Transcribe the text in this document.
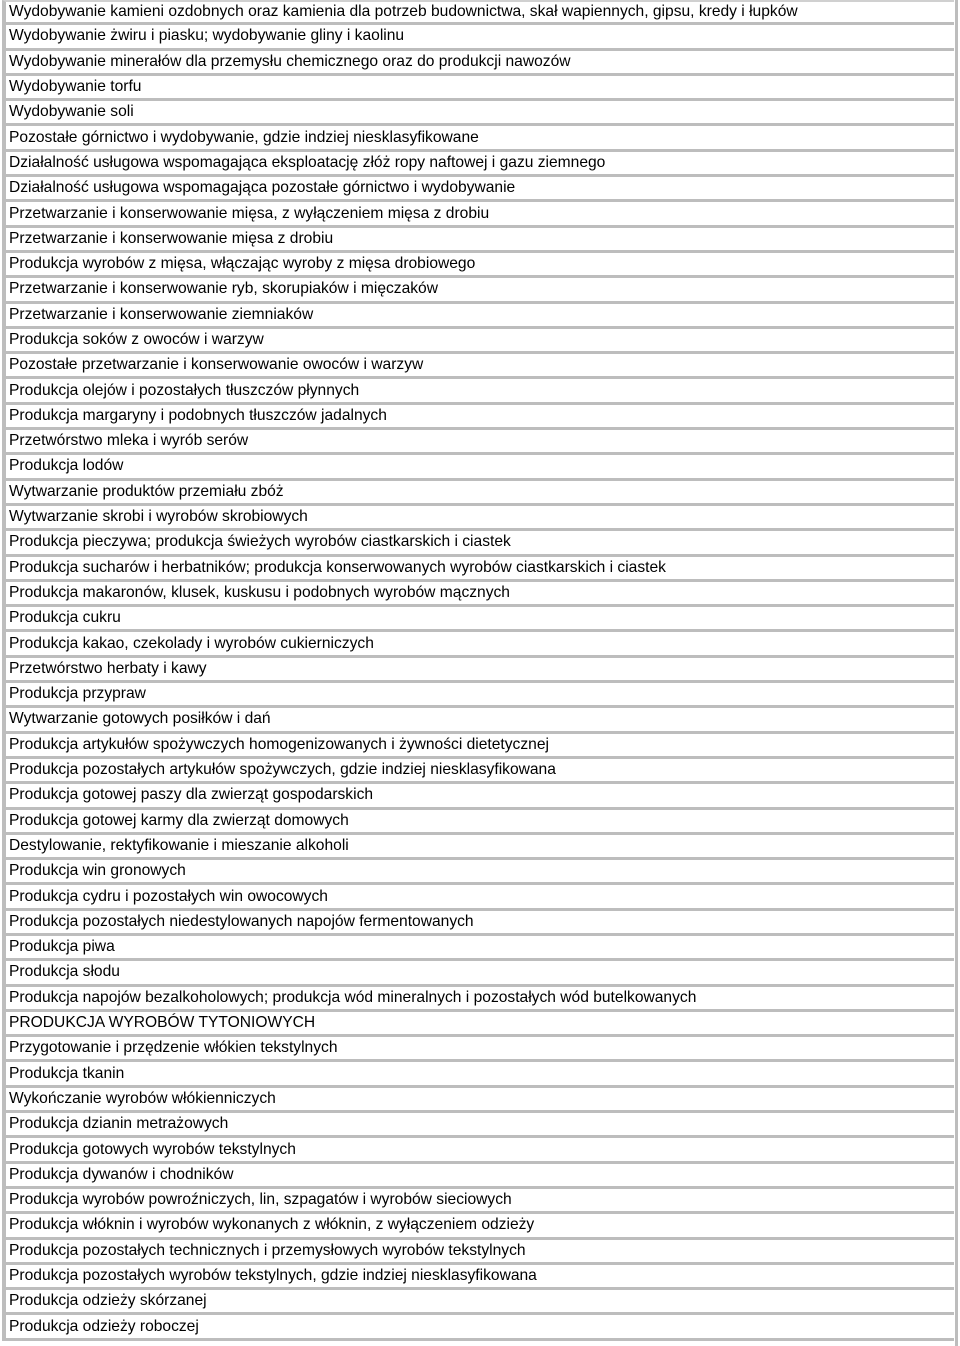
Wydobywanie kamieni ozdobnych oraz kamienia dla potrzeb budownictwa, skał wapiennych, gipsu, kredy i łupków
Wydobywanie żwiru i piasku; wydobywanie gliny i kaolinu
Wydobywanie minerałów dla przemysłu chemicznego oraz do produkcji nawozów
Wydobywanie torfu
Wydobywanie soli
Pozostałe górnictwo i wydobywanie, gdzie indziej niesklasyfikowane
Działalność usługowa wspomagająca eksploatację złóż ropy naftowej i gazu ziemnego
Działalność usługowa wspomagająca pozostałe górnictwo i wydobywanie
Przetwarzanie i konserwowanie mięsa, z wyłączeniem mięsa z drobiu
Przetwarzanie i konserwowanie mięsa z drobiu
Produkcja wyrobów z mięsa, włączając wyroby z mięsa drobiowego
Przetwarzanie i konserwowanie ryb, skorupiaków i mięczaków
Przetwarzanie i konserwowanie ziemniaków
Produkcja soków z owoców i warzyw
Pozostałe przetwarzanie i konserwowanie owoców i warzyw
Produkcja olejów i pozostałych tłuszczów płynnych
Produkcja margaryny i podobnych tłuszczów jadalnych
Przetwórstwo mleka i wyrób serów
Produkcja lodów
Wytwarzanie produktów przemiału zbóż
Wytwarzanie skrobi i wyrobów skrobiowych
Produkcja pieczywa; produkcja świeżych wyrobów ciastkarskich i ciastek
Produkcja sucharów i herbatników; produkcja konserwowanych wyrobów ciastkarskich i ciastek
Produkcja makaronów, klusek, kuskusu i podobnych wyrobów mącznych
Produkcja cukru
Produkcja kakao, czekolady i wyrobów cukierniczych
Przetwórstwo herbaty i kawy
Produkcja przypraw
Wytwarzanie gotowych posiłków i dań
Produkcja artykułów spożywczych homogenizowanych i żywności dietetycznej
Produkcja pozostałych artykułów spożywczych, gdzie indziej niesklasyfikowana
Produkcja gotowej paszy dla zwierząt gospodarskich
Produkcja gotowej karmy dla zwierząt domowych
Destylowanie, rektyfikowanie i mieszanie alkoholi
Produkcja win gronowych
Produkcja cydru i pozostałych win owocowych
Produkcja pozostałych niedestylowanych napojów fermentowanych
Produkcja piwa
Produkcja słodu
Produkcja napojów bezalkoholowych; produkcja wód mineralnych i pozostałych wód butelkowanych
PRODUKCJA WYROBÓW TYTONIOWYCH
Przygotowanie i przędzenie włókien tekstylnych
Produkcja tkanin
Wykończanie wyrobów włókienniczych
Produkcja dzianin metrażowych
Produkcja gotowych wyrobów tekstylnych
Produkcja dywanów i chodników
Produkcja wyrobów powroźniczych, lin, szpagatów i wyrobów sieciowych
Produkcja włóknin i wyrobów wykonanych z włóknin, z wyłączeniem odzieży
Produkcja pozostałych technicznych i przemysłowych wyrobów tekstylnych
Produkcja pozostałych wyrobów tekstylnych, gdzie indziej niesklasyfikowana
Produkcja odzieży skórzanej
Produkcja odzieży roboczej
